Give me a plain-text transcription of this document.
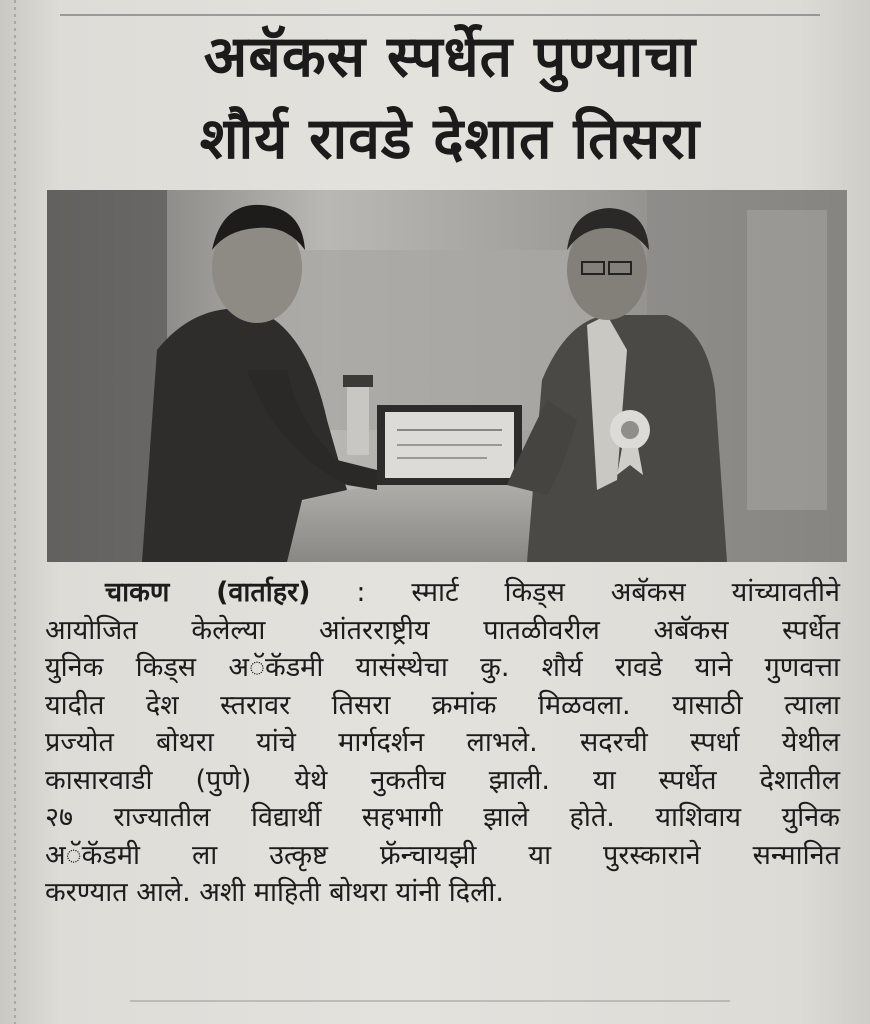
अबॅकस स्पर्धेत पुण्याचा
शौर्य रावडे देशात तिसरा

चाकण (वार्ताहर) : स्मार्ट किड्स अबॅकस यांच्यावतीने

आयोजित केलेल्या आंतरराष्ट्रीय पातळीवरील अबॅकस स्पर्धेत

युनिक किड्स अॅकॅडमी यासंस्थेचा कु. शौर्य रावडे याने गुणवत्ता

यादीत देश स्तरावर तिसरा क्रमांक मिळवला. यासाठी त्याला

प्रज्योत बोथरा यांचे मार्गदर्शन लाभले. सदरची स्पर्धा येथील

कासारवाडी (पुणे) येथे नुकतीच झाली. या स्पर्धेत देशातील

२७ राज्यातील विद्यार्थी सहभागी झाले होते. याशिवाय युनिक

अॅकॅडमी ला उत्कृष्ट फ्रॅन्चायझी या पुरस्काराने सन्मानित

करण्यात आले. अशी माहिती बोथरा यांनी दिली.
